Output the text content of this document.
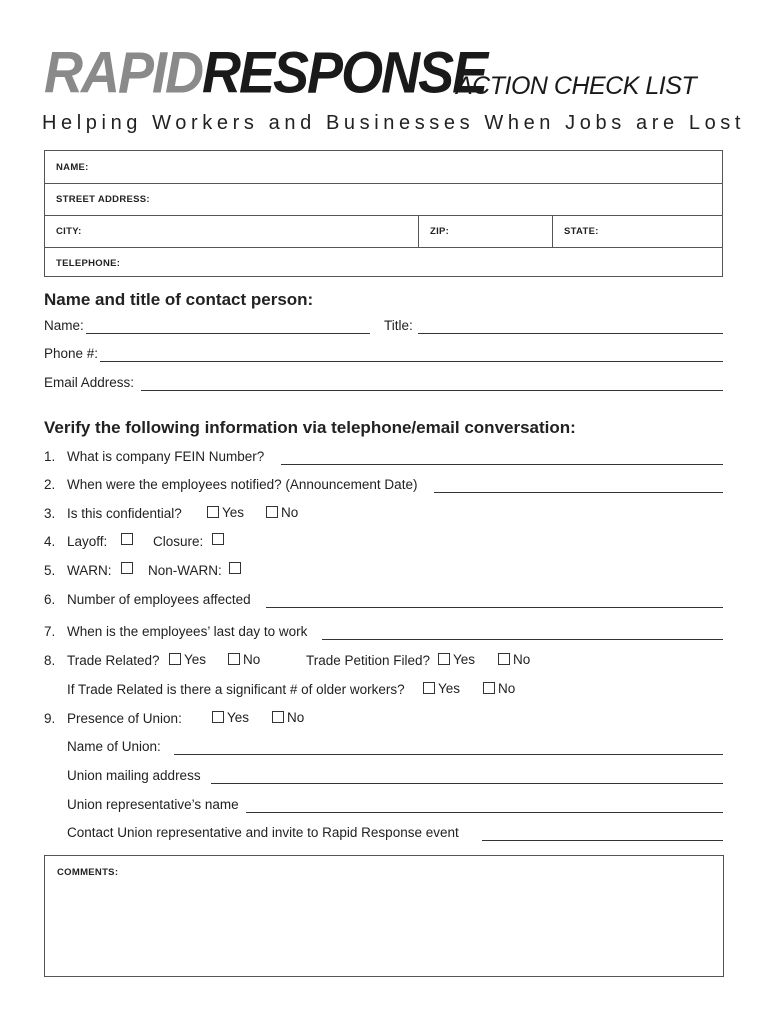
RAPID RESPONSE
ACTION CHECK LIST
Helping Workers and Businesses When Jobs are Lost
NAME:
STREET ADDRESS:
CITY:	ZIP:	STATE:
TELEPHONE:
Name and title of contact person:
Name:	Title:
Phone #:
Email Address:
Verify the following information via telephone/email conversation:
1. What is company FEIN Number?
2. When were the employees notified? (Announcement Date)
3. Is this confidential?	Yes	No
4. Layoff:	Closure:
5. WARN:	Non-WARN:
6. Number of employees affected
7. When is the employees’ last day to work
8. Trade Related?	Yes	No	Trade Petition Filed?	Yes	No
If Trade Related is there a significant # of older workers?	Yes	No
9. Presence of Union:	Yes	No
Name of Union:
Union mailing address
Union representative’s name
Contact Union representative and invite to Rapid Response event
COMMENTS:
